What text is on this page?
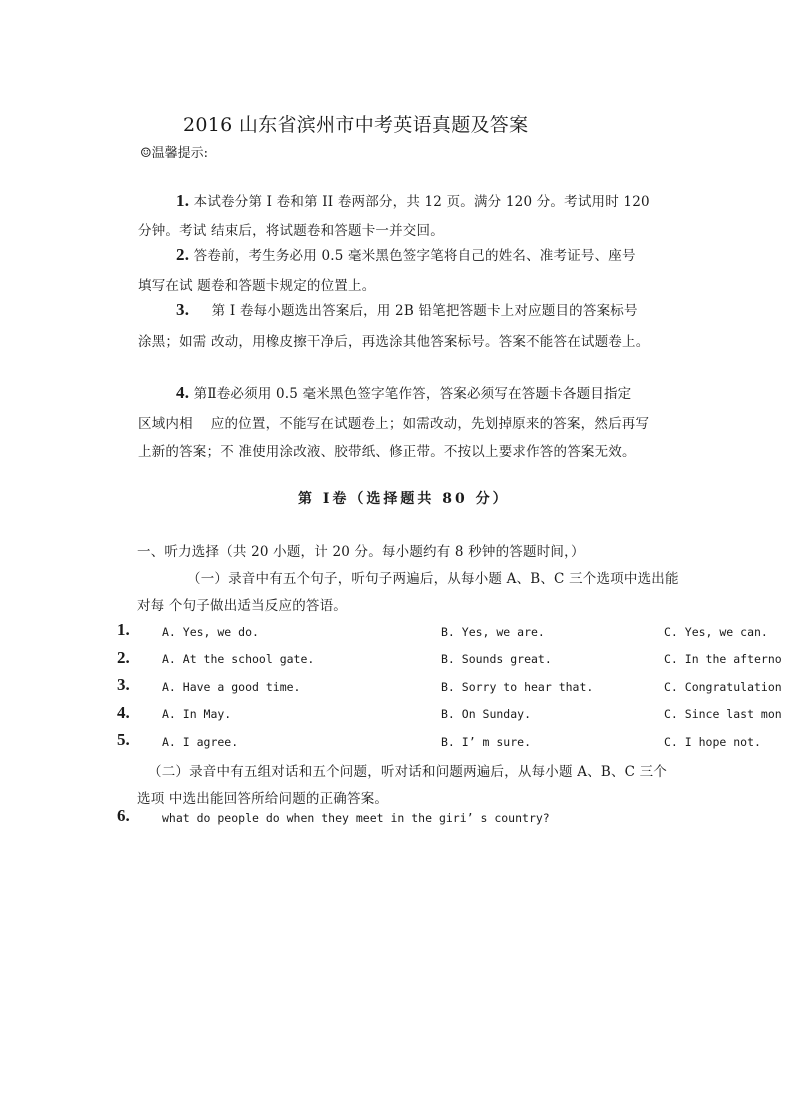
2016 山东省滨州市中考英语真题及答案
☺温馨提示:
1. 本试卷分第 I 卷和第 II 卷两部分，共 12 页。满分 120 分。考试用时 120
分钟。考试 结束后，将试题卷和答题卡一并交回。
2. 答卷前，考生务必用 0.5 毫米黑色签字笔将自己的姓名、准考证号、座号
填写在试 题卷和答题卡规定的位置上。
3. 第 I 卷每小题选出答案后，用 2B 铅笔把答题卡上对应题目的答案标号
涂黑；如需 改动，用橡皮擦干净后，再选涂其他答案标号。答案不能答在试题卷上。
4. 第Ⅱ卷必须用 0.5 毫米黑色签字笔作答，答案必须写在答题卡各题目指定
区域内相    应的位置，不能写在试题卷上；如需改动，先划掉原来的答案，然后再写
上新的答案；不 准使用涂改液、胶带纸、修正带。不按以上要求作答的答案无效。
第 I卷（选择题共 80 分）
一、听力选择（共 20 小题，计 20 分。每小题约有 8 秒钟的答题时间，）
（一）录音中有五个句子，听句子两遍后，从每小题 A、B、C 三个选项中选出能
对每 个句子做出适当反应的答语。
1.	A. Yes, we do.	B. Yes, we are.	C. Yes, we can.
2.	A. At the school gate.	B. Sounds great.	C. In the afterno
3.	A. Have a good time.	B. Sorry to hear that.	C. Congratulation
4.	A. In May.	B. On Sunday.	C. Since last mon
5.	A. I agree.	B. I’ m sure.	C. I hope not.
（二）录音中有五组对话和五个问题，听对话和问题两遍后，从每小题 A、B、C 三个
选项 中选出能回答所给问题的正确答案。
6.	what do people do when they meet in the giri’ s country?
